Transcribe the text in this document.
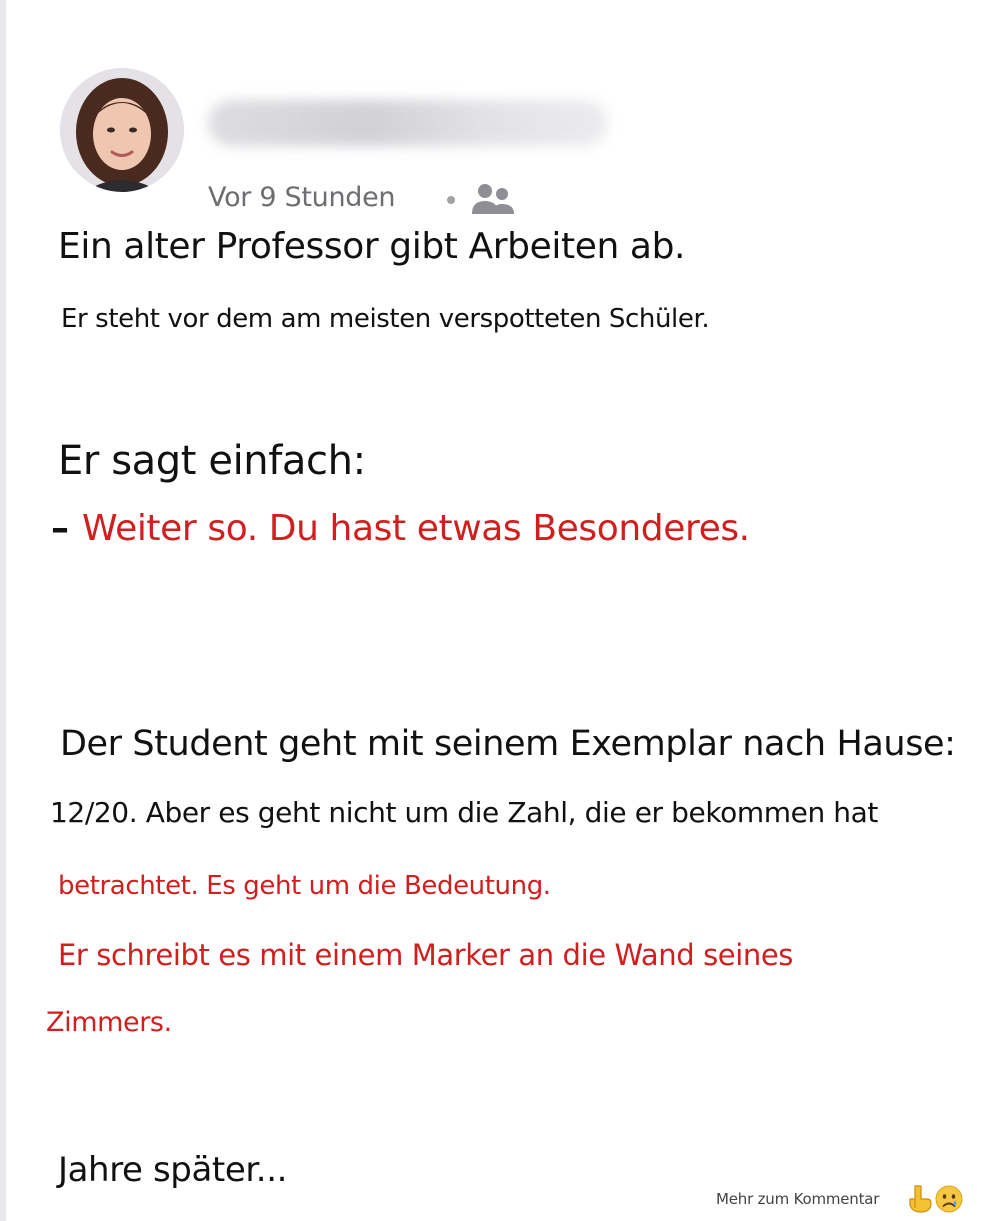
Vor 9 Stunden
Ein alter Professor gibt Arbeiten ab.
Er steht vor dem am meisten verspotteten Schüler.
Er sagt einfach:
– Weiter so. Du hast etwas Besonderes.
Der Student geht mit seinem Exemplar nach Hause:
12/20. Aber es geht nicht um die Zahl, die er bekommen hat
betrachtet. Es geht um die Bedeutung.
Er schreibt es mit einem Marker an die Wand seines
Zimmers.
Jahre später...
Mehr zum Kommentar
